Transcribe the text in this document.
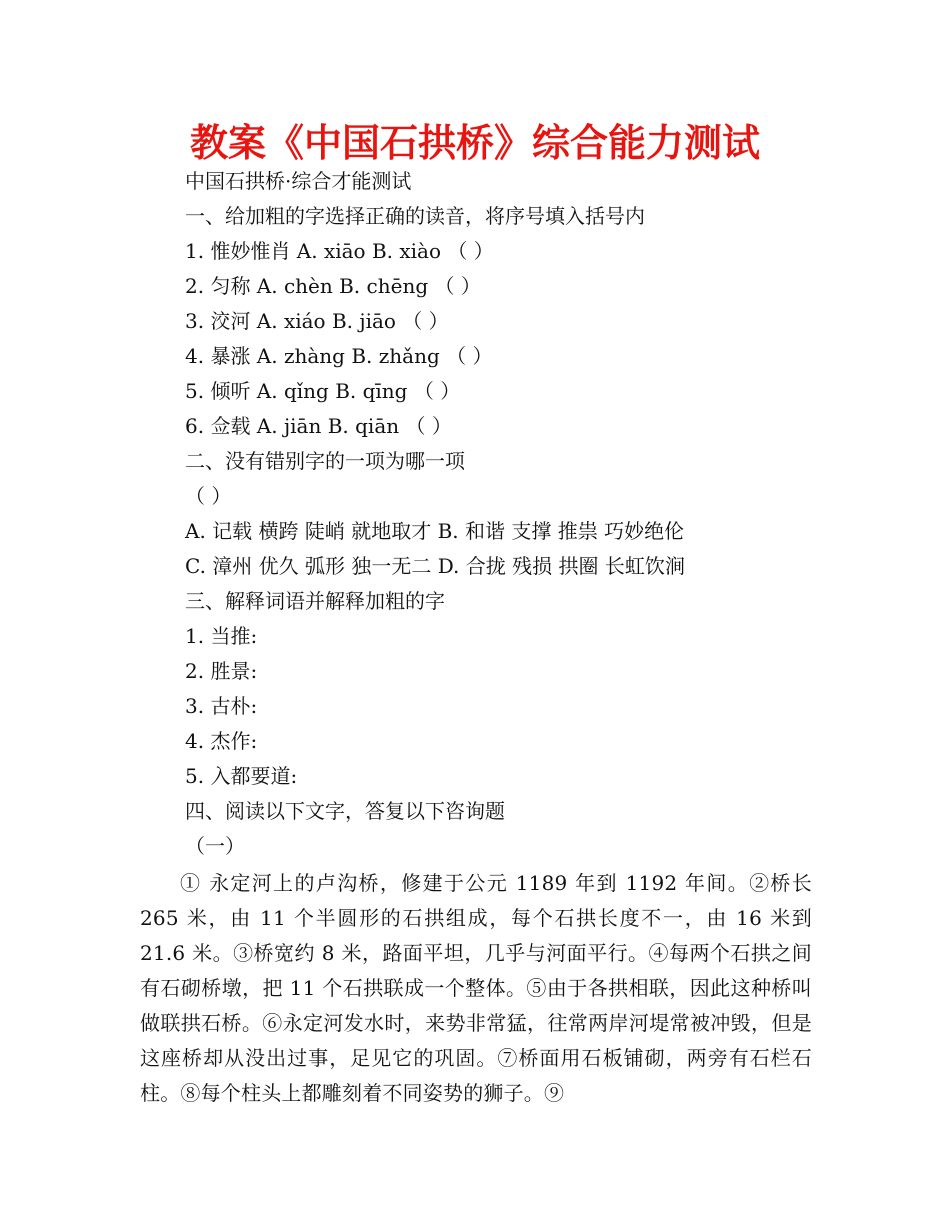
教案《中国石拱桥》综合能力测试
中国石拱桥·综合才能测试
一、给加粗的字选择正确的读音，将序号填入括号内
1. 惟妙惟肖 A. xiāo B. xiào （ ）
2. 匀称 A. chèn B. chēng （ ）
3. 洨河 A. xiáo B. jiāo （ ）
4. 暴涨 A. zhàng B. zhǎng （ ）
5. 倾听 A. qǐng B. qīng （ ）
6. 佥载 A. jiān B. qiān （ ）
二、没有错别字的一项为哪一项
（ ）
A. 记载 横跨 陡峭 就地取才 B. 和谐 支撑 推祟 巧妙绝伦
C. 漳州 优久 弧形 独一无二 D. 合拢 残损 拱圈 长虹饮涧
三、解释词语并解释加粗的字
1. 当推:
2. 胜景:
3. 古朴:
4. 杰作:
5. 入都要道:
四、阅读以下文字，答复以下咨询题
（一）
① 永定河上的卢沟桥，修建于公元 1189 年到 1192 年间。②桥长 265 米，由 11 个半圆形的石拱组成，每个石拱长度不一，由 16 米到 21.6 米。③桥宽约 8 米，路面平坦，几乎与河面平行。④每两个石拱之间有石砌桥墩，把 11 个石拱联成一个整体。⑤由于各拱相联，因此这种桥叫做联拱石桥。⑥永定河发水时，来势非常猛，往常两岸河堤常被冲毁，但是这座桥却从没出过事，足见它的巩固。⑦桥面用石板铺砌，两旁有石栏石柱。⑧每个柱头上都雕刻着不同姿势的狮子。⑨
